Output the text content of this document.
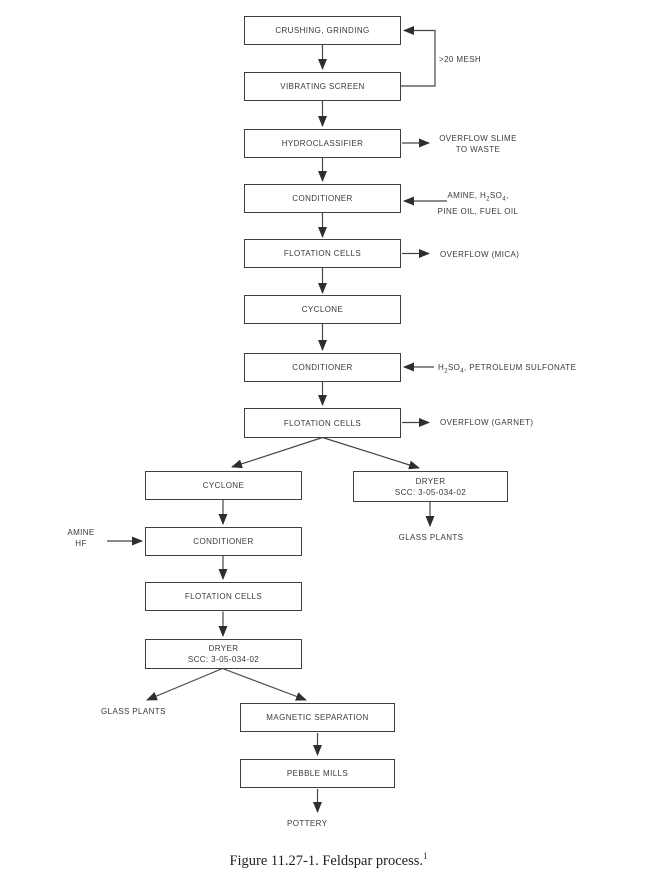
CRUSHING, GRINDING
VIBRATING SCREEN
HYDROCLASSIFIER
CONDITIONER
FLOTATION CELLS
CYCLONE
CONDITIONER
FLOTATION CELLS
DRYER
SCC: 3-05-034-02
GLASS PLANTS
CYCLONE
CONDITIONER
FLOTATION CELLS
DRYER
SCC: 3-05-034-02
MAGNETIC SEPARATION
PEBBLE MILLS
>20 MESH
OVERFLOW SLIME
TO WASTE
AMINE, $H_2SO_4$,
PINE OIL, FUEL OIL
OVERFLOW (MICA)
$H_2SO_4$, PETROLEUM SULFONATE
OVERFLOW (GARNET)
AMINE
HF
GLASS PLANTS
POTTERY
Figure 11.27-1. Feldspar process.$^1$
